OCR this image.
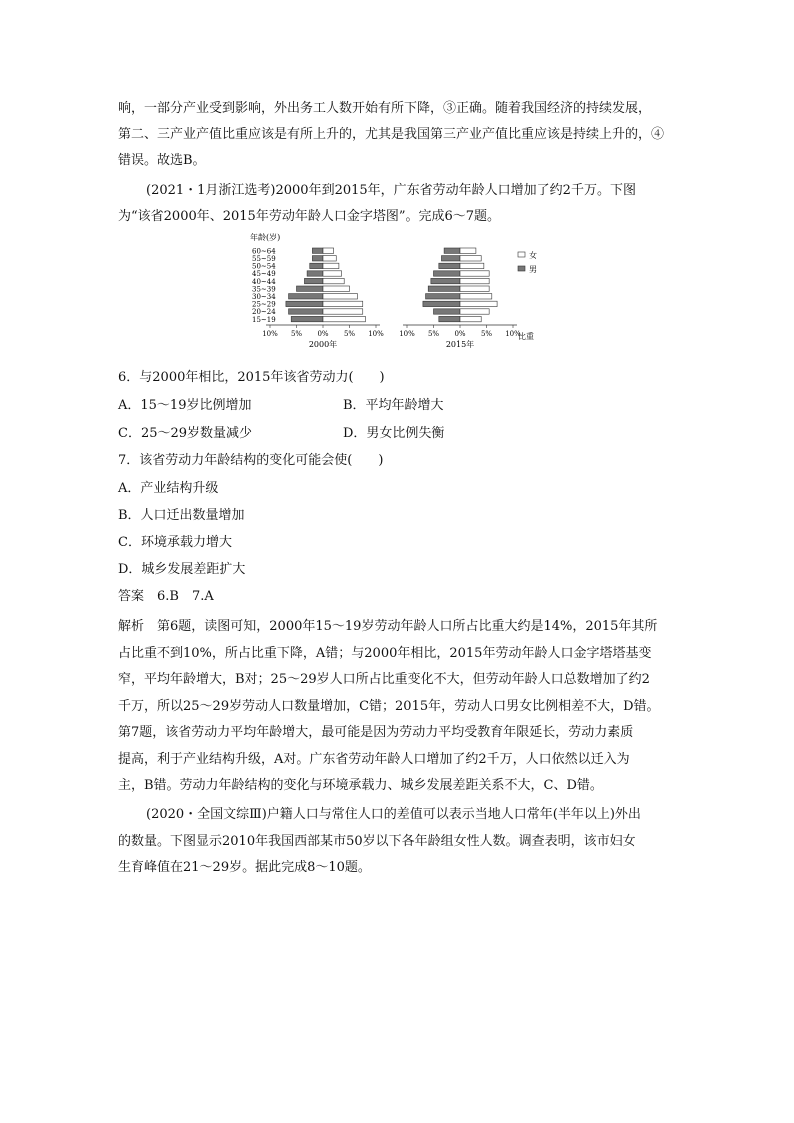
响，一部分产业受到影响，外出务工人数开始有所下降，③正确。随着我国经济的持续发展，
第二、三产业产值比重应该是有所上升的，尤其是我国第三产业产值比重应该是持续上升的，④
错误。故选B。
(2021・1月浙江选考)2000年到2015年，广东省劳动年龄人口增加了约2千万。下图
为“该省2000年、2015年劳动年龄人口金字塔图”。完成6～7题。
年龄(岁)
60~64
55~59
50~54
45~49
40~44
35~39
30~34
25~29
20~24
15~19
10% 5% 0% 5% 10%
2000年
10% 5% 0% 5% 10%
2015年
女
男
比重
6．与2000年相比，2015年该省劳动力(　　)
A．15～19岁比例增加	B．平均年龄增大
C．25～29岁数量减少	D．男女比例失衡
7．该省劳动力年龄结构的变化可能会使(　　)
A．产业结构升级
B．人口迁出数量增加
C．环境承载力增大
D．城乡发展差距扩大
答案　6.B　7.A
解析　第6题，读图可知，2000年15～19岁劳动年龄人口所占比重大约是14%，2015年其所
占比重不到10%，所占比重下降，A错；与2000年相比，2015年劳动年龄人口金字塔塔基变
窄，平均年龄增大，B对；25～29岁人口所占比重变化不大，但劳动年龄人口总数增加了约2
千万，所以25～29岁劳动人口数量增加，C错；2015年，劳动人口男女比例相差不大，D错。
第7题，该省劳动力平均年龄增大，最可能是因为劳动力平均受教育年限延长，劳动力素质
提高，利于产业结构升级，A对。广东省劳动年龄人口增加了约2千万，人口依然以迁入为
主，B错。劳动力年龄结构的变化与环境承载力、城乡发展差距关系不大，C、D错。
(2020・全国文综Ⅲ)户籍人口与常住人口的差值可以表示当地人口常年(半年以上)外出
的数量。下图显示2010年我国西部某市50岁以下各年龄组女性人数。调查表明，该市妇女
生育峰值在21～29岁。据此完成8～10题。
